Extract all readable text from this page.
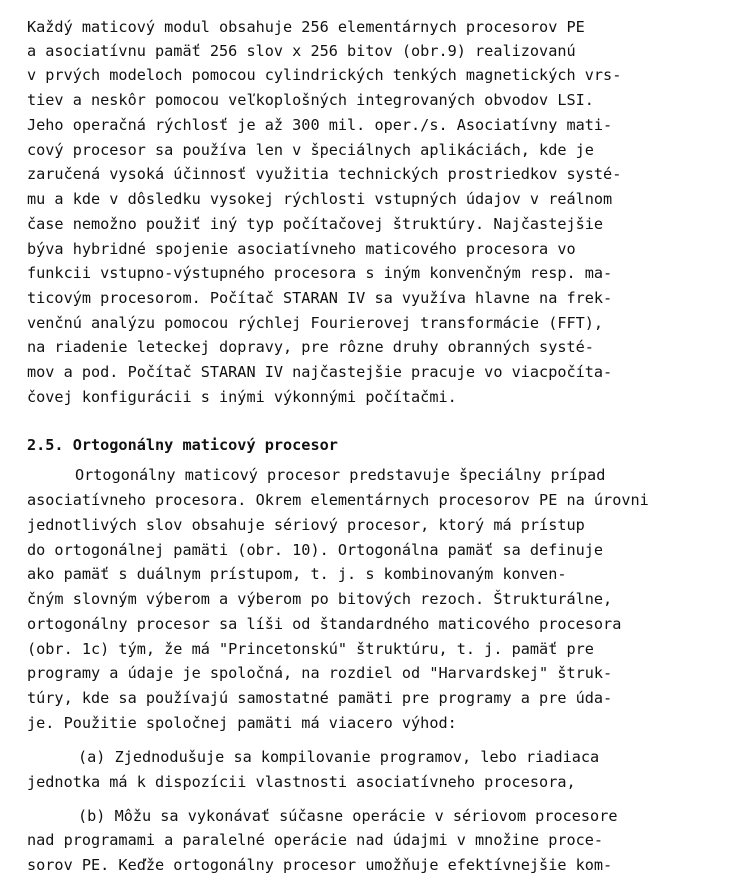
Každý maticový modul obsahuje 256 elementárnych procesorov PE

a asociatívnu pamäť 256 slov x 256 bitov (obr.9) realizovanú

v prvých modeloch pomocou cylindrických tenkých magnetických vrs-

tiev a neskôr pomocou veľkoplošných integrovaných obvodov LSI.

Jeho operačná rýchlosť je až 300 mil. oper./s. Asociatívny mati-

cový procesor sa používa len v špeciálnych aplikáciách, kde je

zaručená vysoká účinnosť využitia technických prostriedkov systé-

mu a kde v dôsledku vysokej rýchlosti vstupných údajov v reálnom

čase nemožno použiť iný typ počítačovej štruktúry. Najčastejšie

býva hybridné spojenie asociatívneho maticového procesora vo

funkcii vstupno-výstupného procesora s iným konvenčným resp. ma-

ticovým procesorom. Počítač STARAN IV sa využíva hlavne na frek-

venčnú analýzu pomocou rýchlej Fourierovej transformácie (FFT),

na riadenie leteckej dopravy, pre rôzne druhy obranných systé-

mov a pod. Počítač STARAN IV najčastejšie pracuje vo viacpočíta-

čovej konfigurácii s inými výkonnými počítačmi.

2.5. Ortogonálny maticový procesor

Ortogonálny maticový procesor predstavuje špeciálny prípad

asociatívneho procesora. Okrem elementárnych procesorov PE na úrovni

jednotlivých slov obsahuje sériový procesor, ktorý má prístup

do ortogonálnej pamäti (obr. 10). Ortogonálna pamäť sa definuje

ako pamäť s duálnym prístupom, t. j. s kombinovaným konven-

čným slovným výberom a výberom po bitových rezoch. Štrukturálne,

ortogonálny procesor sa líši od štandardného maticového procesora

(obr. 1c) tým, že má "Princetonskú" štruktúru, t. j. pamäť pre

programy a údaje je spoločná, na rozdiel od "Harvardskej" štruk-

túry, kde sa používajú samostatné pamäti pre programy a pre úda-

je. Použitie spoločnej pamäti má viacero výhod:

(a) Zjednodušuje sa kompilovanie programov, lebo riadiaca

jednotka má k dispozícii vlastnosti asociatívneho procesora,

(b) Môžu sa vykonávať súčasne operácie v sériovom procesore

nad programami a paralelné operácie nad údajmi v množine proce-

sorov PE. Keďže ortogonálny procesor umožňuje efektívnejšie kom-
